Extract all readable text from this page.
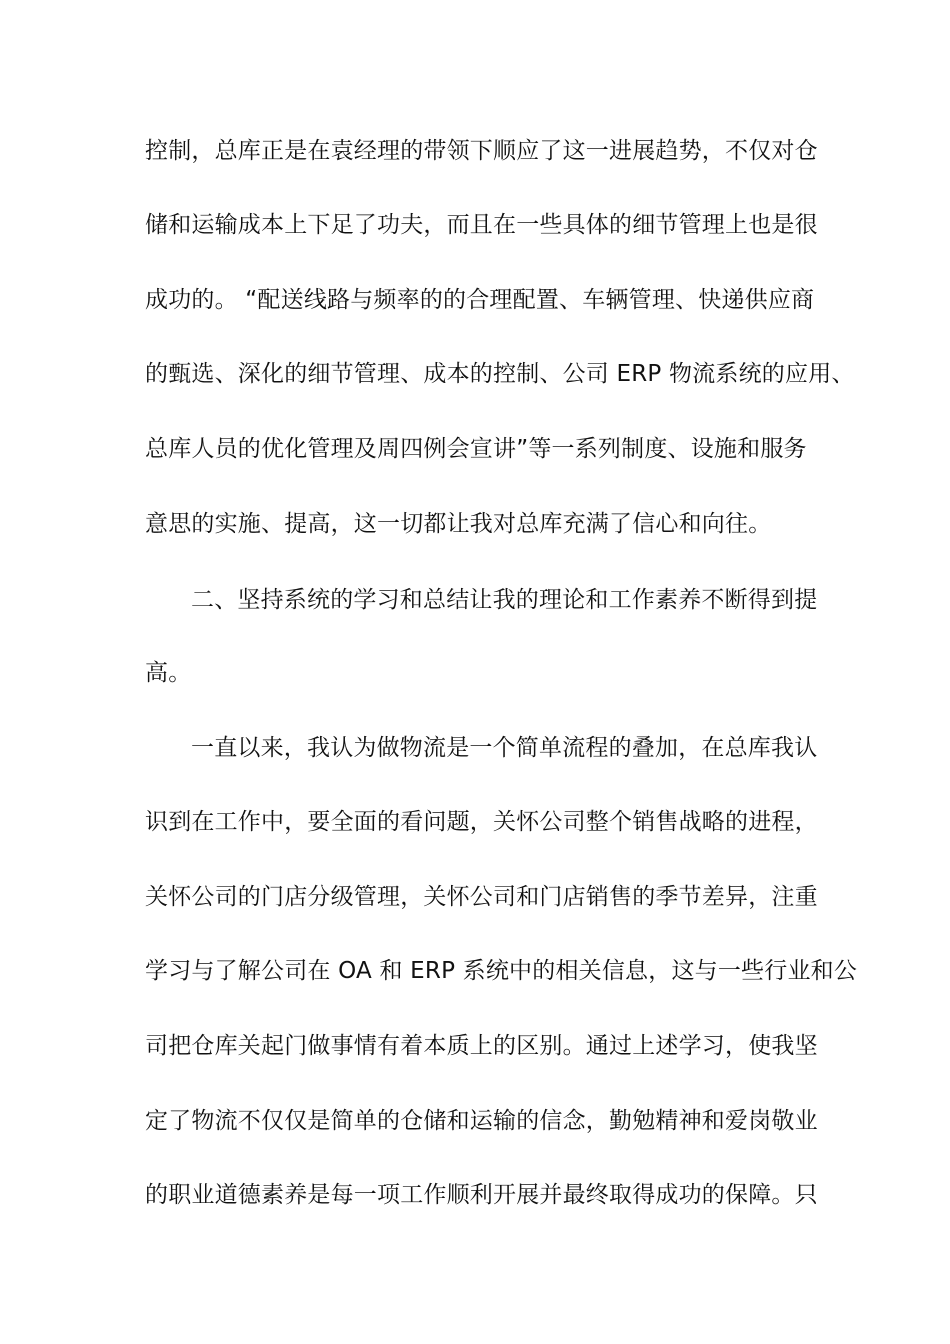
控制，总库正是在袁经理的带领下顺应了这一进展趋势，不仅对仓
储和运输成本上下足了功夫，而且在一些具体的细节管理上也是很
成功的。 “配送线路与频率的的合理配置、车辆管理、快递供应商
的甄选、深化的细节管理、成本的控制、公司 ERP 物流系统的应用、
总库人员的优化管理及周四例会宣讲”等一系列制度、设施和服务
意思的实施、提高，这一切都让我对总库充满了信心和向往。
二、坚持系统的学习和总结让我的理论和工作素养不断得到提
高。
一直以来，我认为做物流是一个简单流程的叠加，在总库我认
识到在工作中，要全面的看问题，关怀公司整个销售战略的进程，
关怀公司的门店分级管理，关怀公司和门店销售的季节差异，注重
学习与了解公司在 OA 和 ERP 系统中的相关信息，这与一些行业和公
司把仓库关起门做事情有着本质上的区别。通过上述学习，使我坚
定了物流不仅仅是简单的仓储和运输的信念，勤勉精神和爱岗敬业
的职业道德素养是每一项工作顺利开展并最终取得成功的保障。只
